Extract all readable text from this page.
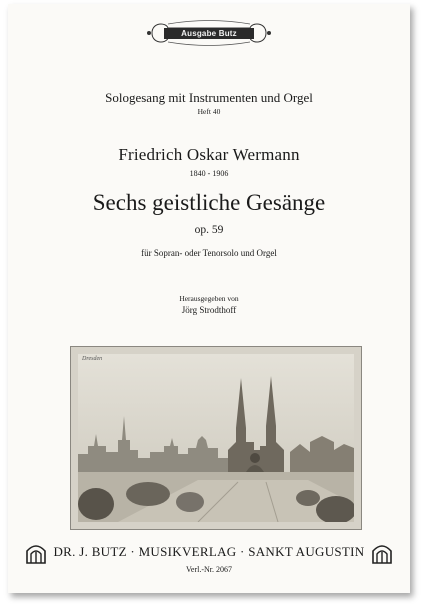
Ausgabe Butz
Sologesang mit Instrumenten und Orgel
Heft 40
Friedrich Oskar Wermann
1840 - 1906
Sechs geistliche Gesänge
op. 59
für Sopran- oder Tenorsolo und Orgel
Herausgegeben von
Jörg Strodthoff
Dresden
DR. J. BUTZ · MUSIKVERLAG · SANKT AUGUSTIN
Verl.-Nr. 2067
